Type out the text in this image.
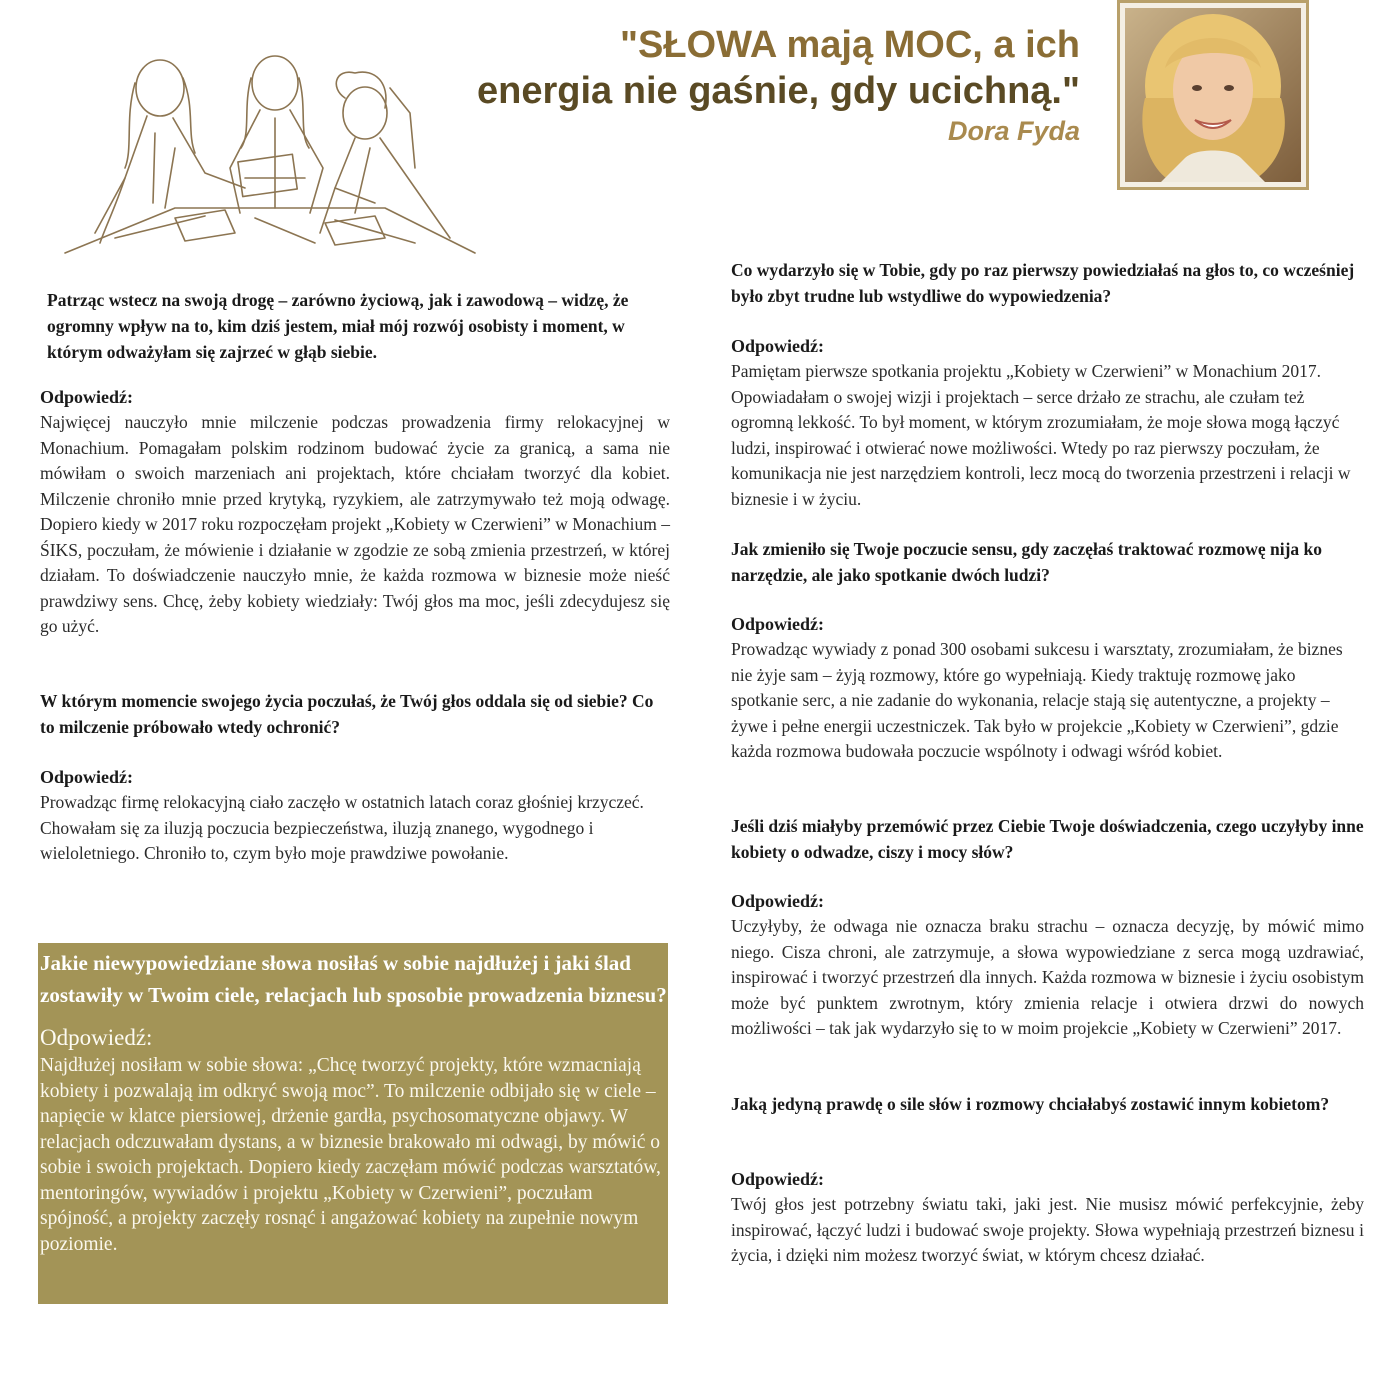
"SŁOWA mają MOC, a ich

energia nie gaśnie, gdy ucichną."

Dora Fyda

Patrząc wstecz na swoją drogę – zarówno życiową, jak i zawodową – widzę, że ogromny wpływ na to, kim dziś jestem, miał mój rozwój osobisty i moment, w którym odważyłam się zajrzeć w głąb siebie.

Odpowiedź:

Najwięcej nauczyło mnie milczenie podczas prowadzenia firmy relokacyjnej w Monachium. Pomagałam polskim rodzinom budować życie za granicą, a sama nie mówiłam o swoich marzeniach ani projektach, które chciałam tworzyć dla kobiet. Milczenie chroniło mnie przed krytyką, ryzykiem, ale zatrzymywało też moją odwagę. Dopiero kiedy w 2017 roku rozpoczęłam projekt „Kobiety w Czerwieni” w Monachium – ŚIKS, poczułam, że mówienie i działanie w zgodzie ze sobą zmienia przestrzeń, w której działam. To doświadczenie nauczyło mnie, że każda rozmowa w biznesie może nieść prawdziwy sens. Chcę, żeby kobiety wiedziały: Twój głos ma moc, jeśli zdecydujesz się go użyć.

W którym momencie swojego życia poczułaś, że Twój głos oddala się od siebie? Co to milczenie próbowało wtedy ochronić?

Odpowiedź:

Prowadząc firmę relokacyjną ciało zaczęło w ostatnich latach coraz głośniej krzyczeć. Chowałam się za iluzją poczucia bezpieczeństwa, iluzją znanego, wygodnego i wieloletniego. Chroniło to, czym było moje prawdziwe powołanie.

Jakie niewypowiedziane słowa nosiłaś w sobie najdłużej i jaki ślad zostawiły w Twoim ciele, relacjach lub sposobie prowadzenia biznesu?

Odpowiedź:

Najdłużej nosiłam w sobie słowa: „Chcę tworzyć projekty, które wzmacniają kobiety i pozwalają im odkryć swoją moc”. To milczenie odbijało się w ciele – napięcie w klatce piersiowej, drżenie gardła, psychosomatyczne objawy. W relacjach odczuwałam dystans, a w biznesie brakowało mi odwagi, by mówić o sobie i swoich projektach. Dopiero kiedy zaczęłam mówić podczas warsztatów, mentoringów, wywiadów i projektu „Kobiety w Czerwieni”, poczułam spójność, a projekty zaczęły rosnąć i angażować kobiety na zupełnie nowym poziomie.

Co wydarzyło się w Tobie, gdy po raz pierwszy powiedziałaś na głos to, co wcześniej było zbyt trudne lub wstydliwe do wypowiedzenia?

Odpowiedź:

Pamiętam pierwsze spotkania projektu „Kobiety w Czerwieni” w Monachium 2017. Opowiadałam o swojej wizji i projektach – serce drżało ze strachu, ale czułam też ogromną lekkość. To był moment, w którym zrozumiałam, że moje słowa mogą łączyć ludzi, inspirować i otwierać nowe możliwości. Wtedy po raz pierwszy poczułam, że komunikacja nie jest narzędziem kontroli, lecz mocą do tworzenia przestrzeni i relacji w biznesie i w życiu.

Jak zmieniło się Twoje poczucie sensu, gdy zaczęłaś traktować rozmowę nija ko narzędzie, ale jako spotkanie dwóch ludzi?

Odpowiedź:

Prowadząc wywiady z ponad 300 osobami sukcesu i warsztaty, zrozumiałam, że biznes nie żyje sam – żyją rozmowy, które go wypełniają. Kiedy traktuję rozmowę jako spotkanie serc, a nie zadanie do wykonania, relacje stają się autentyczne, a projekty – żywe i pełne energii uczestniczek. Tak było w projekcie „Kobiety w Czerwieni”, gdzie każda rozmowa budowała poczucie wspólnoty i odwagi wśród kobiet.

Jeśli dziś miałyby przemówić przez Ciebie Twoje doświadczenia, czego uczyłyby inne kobiety o odwadze, ciszy i mocy słów?

Odpowiedź:

Uczyłyby, że odwaga nie oznacza braku strachu – oznacza decyzję, by mówić mimo niego. Cisza chroni, ale zatrzymuje, a słowa wypowiedziane z serca mogą uzdrawiać, inspirować i tworzyć przestrzeń dla innych. Każda rozmowa w biznesie i życiu osobistym może być punktem zwrotnym, który zmienia relacje i otwiera drzwi do nowych możliwości – tak jak wydarzyło się to w moim projekcie „Kobiety w Czerwieni” 2017.

Jaką jedyną prawdę o sile słów i rozmowy chciałabyś zostawić innym kobietom?

Odpowiedź:

Twój głos jest potrzebny światu taki, jaki jest. Nie musisz mówić perfekcyjnie, żeby inspirować, łączyć ludzi i budować swoje projekty. Słowa wypełniają przestrzeń biznesu i życia, i dzięki nim możesz tworzyć świat, w którym chcesz działać.
